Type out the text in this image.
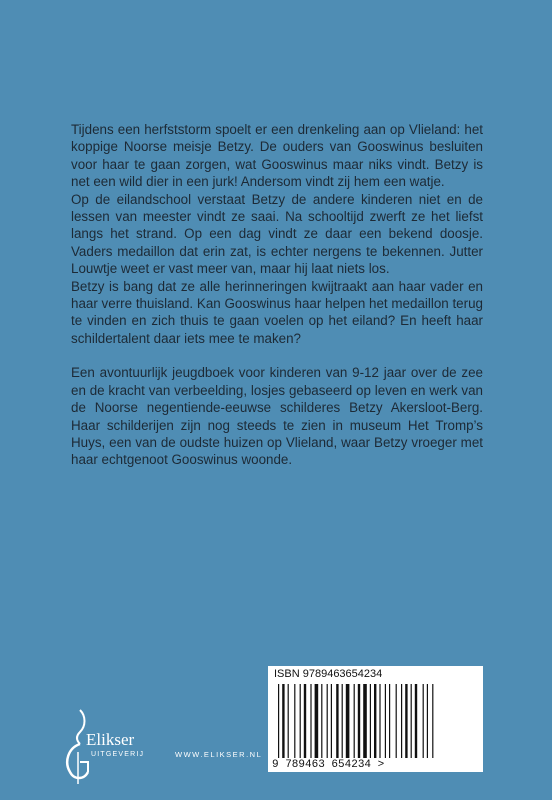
Tijdens een herfststorm spoelt er een drenkeling aan op Vlieland: het koppige Noorse meisje Betzy. De ouders van Gooswinus besluiten voor haar te gaan zorgen, wat Gooswinus maar niks vindt. Betzy is net een wild dier in een jurk! Andersom vindt zij hem een watje.

Op de eilandschool verstaat Betzy de andere kinderen niet en de lessen van meester vindt ze saai. Na schooltijd zwerft ze het liefst langs het strand. Op een dag vindt ze daar een bekend doosje. Vaders medaillon dat erin zat, is echter nergens te bekennen. Jutter Louwtje weet er vast meer van, maar hij laat niets los.

Betzy is bang dat ze alle herinneringen kwijtraakt aan haar vader en haar verre thuisland. Kan Gooswinus haar helpen het medaillon terug te vinden en zich thuis te gaan voelen op het eiland? En heeft haar schildertalent daar iets mee te maken?

Een avontuurlijk jeugdboek voor kinderen van 9-12 jaar over de zee en de kracht van verbeelding, losjes gebaseerd op leven en werk van de Noorse negentiende-eeuwse schilderes Betzy Akersloot-Berg. Haar schilderijen zijn nog steeds te zien in museum Het Tromp’s Huys, een van de oudste huizen op Vlieland, waar Betzy vroeger met haar echtgenoot Gooswinus woonde.

ISBN 9789463654234
9 789463 654234 >
Elikser
UITGEVERIJ	WWW.ELIKSER.NL
